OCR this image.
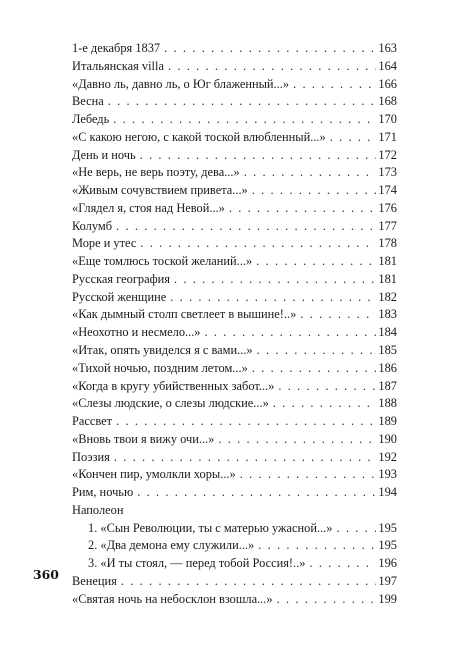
1-е декабря 1837 . . .	163
Итальянская villa . . .	164
«Давно ль, давно ль, о Юг блаженный...» . . .	166
Весна . . .	168
Лебедь . . .	170
«С какою негою, с какой тоской влюбленный...» . . .	171
День и ночь . . .	172
«Не верь, не верь поэту, дева...» . . .	173
«Живым сочувствием привета...» . . .	174
«Глядел я, стоя над Невой...» . . .	176
Колумб . . .	177
Море и утес . . .	178
«Еще томлюсь тоской желаний...» . . .	181
Русская география . . .	181
Русской женщине . . .	182
«Как дымный столп светлеет в вышине!..» . . .	183
«Неохотно и несмело...» . . .	184
«Итак, опять увиделся я с вами...» . . .	185
«Тихой ночью, поздним летом...» . . .	186
«Когда в кругу убийственных забот...» . . .	187
«Слезы людские, о слезы людские...» . . .	188
Рассвет . . .	189
«Вновь твои я вижу очи...» . . .	190
Поэзия . . .	192
«Кончен пир, умолкли хоры...» . . .	193
Рим, ночью . . .	194
Наполеон
1. «Сын Революции, ты с матерью ужасной...» . . .	195
2. «Два демона ему служили...» . . .	195
3. «И ты стоял, — перед тобой Россия!..» . . .	196
Венеция . . .	197
«Святая ночь на небосклон взошла...» . . .	199
360
